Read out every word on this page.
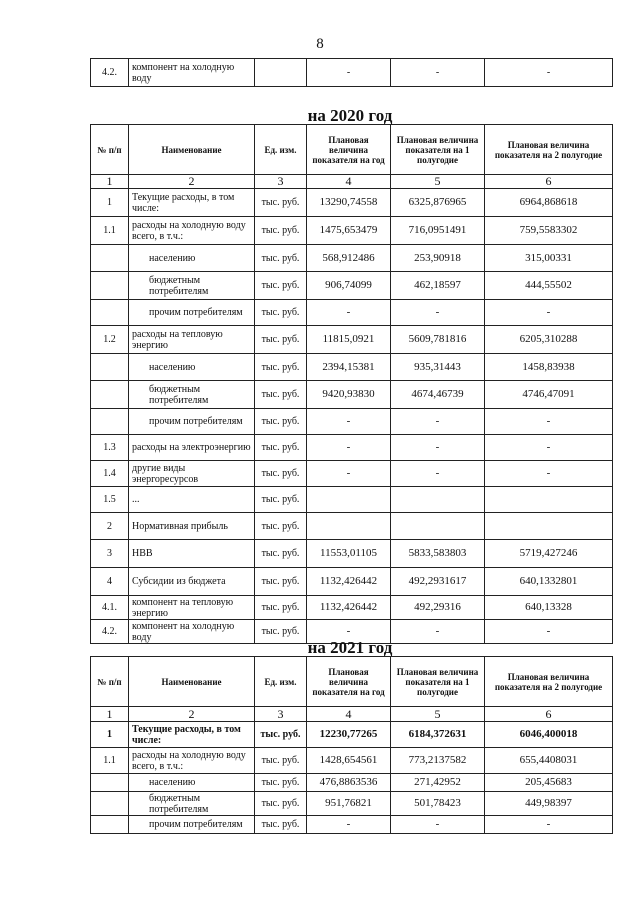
8
4.2.	компонент на холодную воду		-	-	-
на 2020 год
№ п/п	Наименование	Ед. изм.	Плановая величина показателя на год	Плановая величина показателя на 1 полугодие	Плановая величина показателя на 2 полугодие
1	2	3	4	5	6
1	Текущие расходы, в том числе:	тыс. руб.	13290,74558	6325,876965	6964,868618
1.1	расходы на холодную воду всего, в т.ч.:	тыс. руб.	1475,653479	716,0951491	759,5583302
	населению	тыс. руб.	568,912486	253,90918	315,00331
	бюджетным потребителям	тыс. руб.	906,74099	462,18597	444,55502
	прочим потребителям	тыс. руб.	-	-	-
1.2	расходы на тепловую энергию	тыс. руб.	11815,0921	5609,781816	6205,310288
	населению	тыс. руб.	2394,15381	935,31443	1458,83938
	бюджетным потребителям	тыс. руб.	9420,93830	4674,46739	4746,47091
	прочим потребителям	тыс. руб.	-	-	-
1.3	расходы на электроэнергию	тыс. руб.	-	-	-
1.4	другие виды энергоресурсов	тыс. руб.	-	-	-
1.5	...	тыс. руб.			
2	Нормативная прибыль	тыс. руб.			
3	НВВ	тыс. руб.	11553,01105	5833,583803	5719,427246
4	Субсидии из бюджета	тыс. руб.	1132,426442	492,2931617	640,1332801
4.1.	компонент на тепловую энергию	тыс. руб.	1132,426442	492,29316	640,13328
4.2.	компонент на холодную воду	тыс. руб.	-	-	-
на 2021 год
№ п/п	Наименование	Ед. изм.	Плановая величина показателя на год	Плановая величина показателя на 1 полугодие	Плановая величина показателя на 2 полугодие
1	2	3	4	5	6
1	Текущие расходы, в том числе:	тыс. руб.	12230,77265	6184,372631	6046,400018
1.1	расходы на холодную воду всего, в т.ч.:	тыс. руб.	1428,654561	773,2137582	655,4408031
	населению	тыс. руб.	476,8863536	271,42952	205,45683
	бюджетным потребителям	тыс. руб.	951,76821	501,78423	449,98397
	прочим потребителям	тыс. руб.	-	-	-
